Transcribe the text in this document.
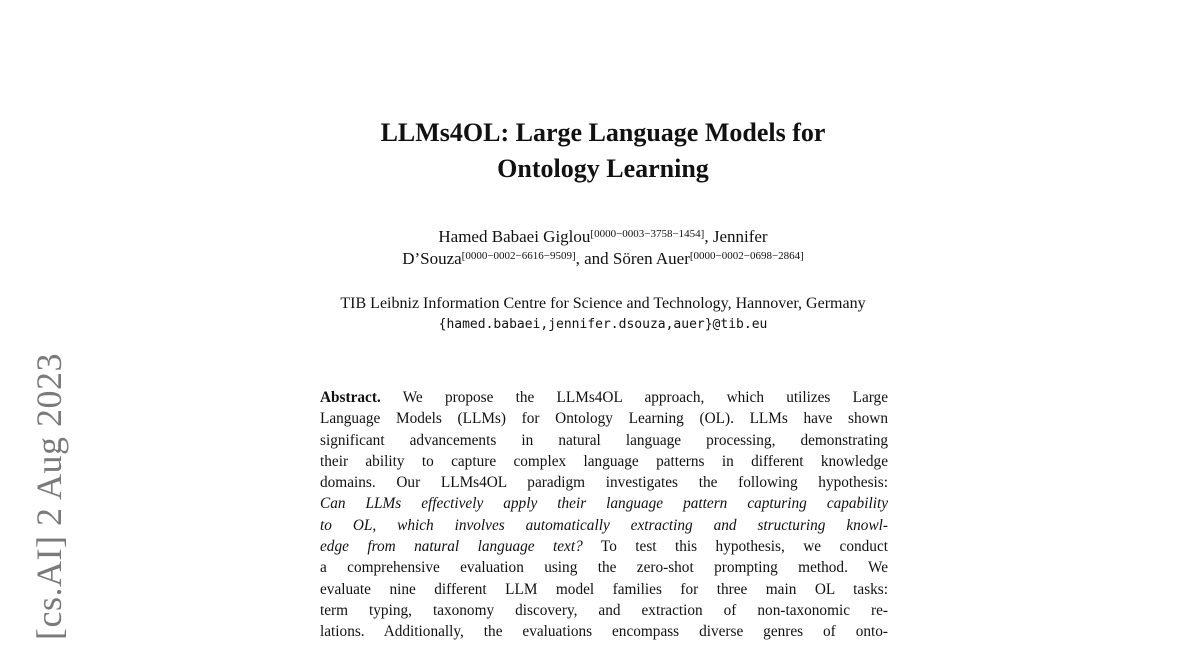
[cs.AI] 2 Aug 2023
LLMs4OL: Large Language Models for
Ontology Learning
Hamed Babaei Giglou[0000−0003−3758−1454], Jennifer
D’Souza[0000−0002−6616−9509], and Sören Auer[0000−0002−0698−2864]
TIB Leibniz Information Centre for Science and Technology, Hannover, Germany
{hamed.babaei,jennifer.dsouza,auer}@tib.eu
Abstract. We propose the LLMs4OL approach, which utilizes Large
Language Models (LLMs) for Ontology Learning (OL). LLMs have shown
significant advancements in natural language processing, demonstrating
their ability to capture complex language patterns in different knowledge
domains. Our LLMs4OL paradigm investigates the following hypothesis:
Can LLMs effectively apply their language pattern capturing capability
to OL, which involves automatically extracting and structuring knowl-
edge from natural language text? To test this hypothesis, we conduct
a comprehensive evaluation using the zero-shot prompting method. We
evaluate nine different LLM model families for three main OL tasks:
term typing, taxonomy discovery, and extraction of non-taxonomic re-
lations. Additionally, the evaluations encompass diverse genres of onto-
